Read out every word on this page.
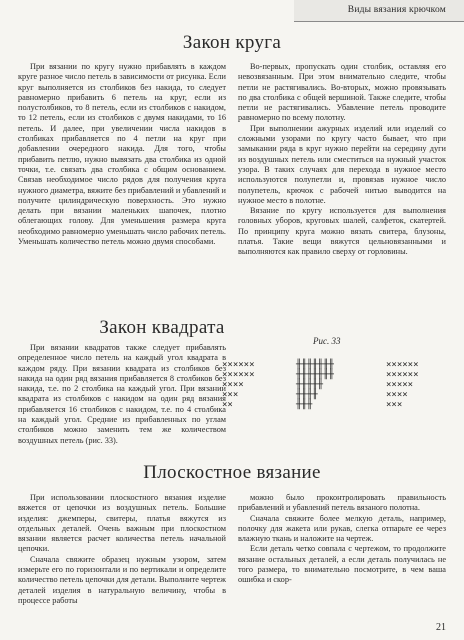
Виды вязания крючком
Закон круга

При вязании по кругу нужно прибавлять в каждом круге разное число петель в зависимости от рисунка. Если круг выполняется из столбиков без накида, то следует равномерно прибавить 6 петель на круг, если из полустолбиков, то 8 петель, если из столбиков с накидом, то 12 петель, если из столбиков с двумя накидами, то 16 петель. И далее, при увеличении числа накидов в столбиках прибавляется по 4 петли на круг при добавлении очередного накида. Для того, чтобы прибавить петлю, нужно вывязать два столбика из одной точки, т.е. связать два столбика с общим основанием. Связав необходимое число рядов для получения круга нужного диаметра, вяжите без прибавлений и убавлений и получите цилиндрическую поверхность. Это нужно делать при вязании маленьких шапочек, плотно облегающих голову. Для уменьшения размера круга необходимо равномерно уменьшать число рабочих петель. Уменьшать количество петель можно двумя способами.

Во-первых, пропускать один столбик, оставляя его невозвязанным. При этом внимательно следите, чтобы петли не растягивались. Во-вторых, можно провязывать по два столбика с общей вершиной. Также следите, чтобы петли не растягивались. Убавление петель проводите равномерно по всему полотну.

При выполнении ажурных изделий или изделий со сложными узорами по кругу часто бывает, что при замыкании ряда в круг нужно перейти на середину дуги из воздушных петель или сместиться на нужный участок узора. В таких случаях для перехода в нужное место используются полупетли и, провязав нужное число полупетель, крючок с рабочей нитью выводится на нужное место в полотне.

Вязание по кругу используется для выполнения головных уборов, круговых шалей, салфеток, скатертей. По принципу круга можно вязать свитера, блузоны, платья. Такие вещи вяжутся цельновязанными и выполняются как правило сверху от горловины.

Закон квадрата

При вязании квадратов также следует прибавлять определенное число петель на каждый угол квадрата в каждом ряду. При вязании квадрата из столбиков без накида на один ряд вязания прибавляется 8 столбиков без накида, т.е. по 2 столбика на каждый угол. При вязании квадрата из столбиков с накидом на один ряд вязания прибавляется 16 столбиков с накидом, т.е. по 4 столбика на каждый угол. Средние из прибавленных по углам столбиков можно заменить тем же количеством воздушных петель (рис. 33).

Рис. 33
××××××
××××××
××××
×××
××
╫╫╫╫╫╫╫
╫╫╫╫╫╫╫
╫╫╫╫╫
╫╫╫╫
╫╫╫
××××××
××××××
×××××
××××
×××
Плоскостное вязание

При использовании плоскостного вязания изделие вяжется от цепочки из воздушных петель. Большие изделия: джемперы, свитеры, платья вяжутся из отдельных деталей. Очень важным при плоскостном вязании является расчет количества петель начальной цепочки.

Сначала свяжите образец нужным узором, затем измерьте его по горизонтали и по вертикали и определите количество петель цепочки для детали. Выполните чертеж деталей изделия в натуральную величину, чтобы в процессе работы

можно было проконтролировать правильность прибавлений и убавлений петель вязаного полотна.

Сначала свяжите более мелкую деталь, например, полочку для жакета или рукав, слегка отпарьте ее через влажную ткань и наложите на чертеж.

Если деталь четко совпала с чертежом, то продолжите вязание остальных деталей, а если деталь получилась не того размера, то внимательно посмотрите, в чем ваша ошибка и скор-

21
